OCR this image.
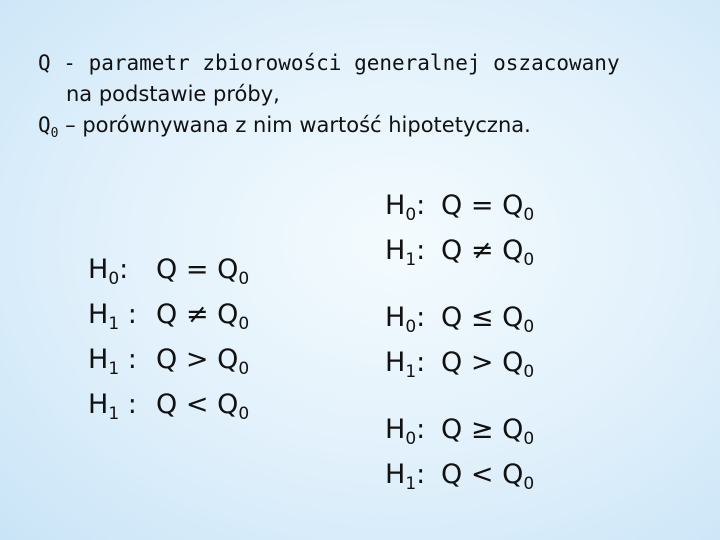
Q - parametr zbiorowości generalnej oszacowany

na podstawie próby,

$Q_0$ – porównywana z nim wartość hipotetyczna.

$H_0$:	$Q = Q_0$
$H_1$ : $Q \ne Q_0$
$H_1$ : $Q > Q_0$
$H_1$ : $Q < Q_0$
$H_0$: $Q = Q_0$
$H_1$: $Q \ne Q_0$
$H_0$: $Q \le Q_0$
$H_1$: $Q > Q_0$
$H_0$: $Q \ge Q_0$
$H_1$: $Q < Q_0$
